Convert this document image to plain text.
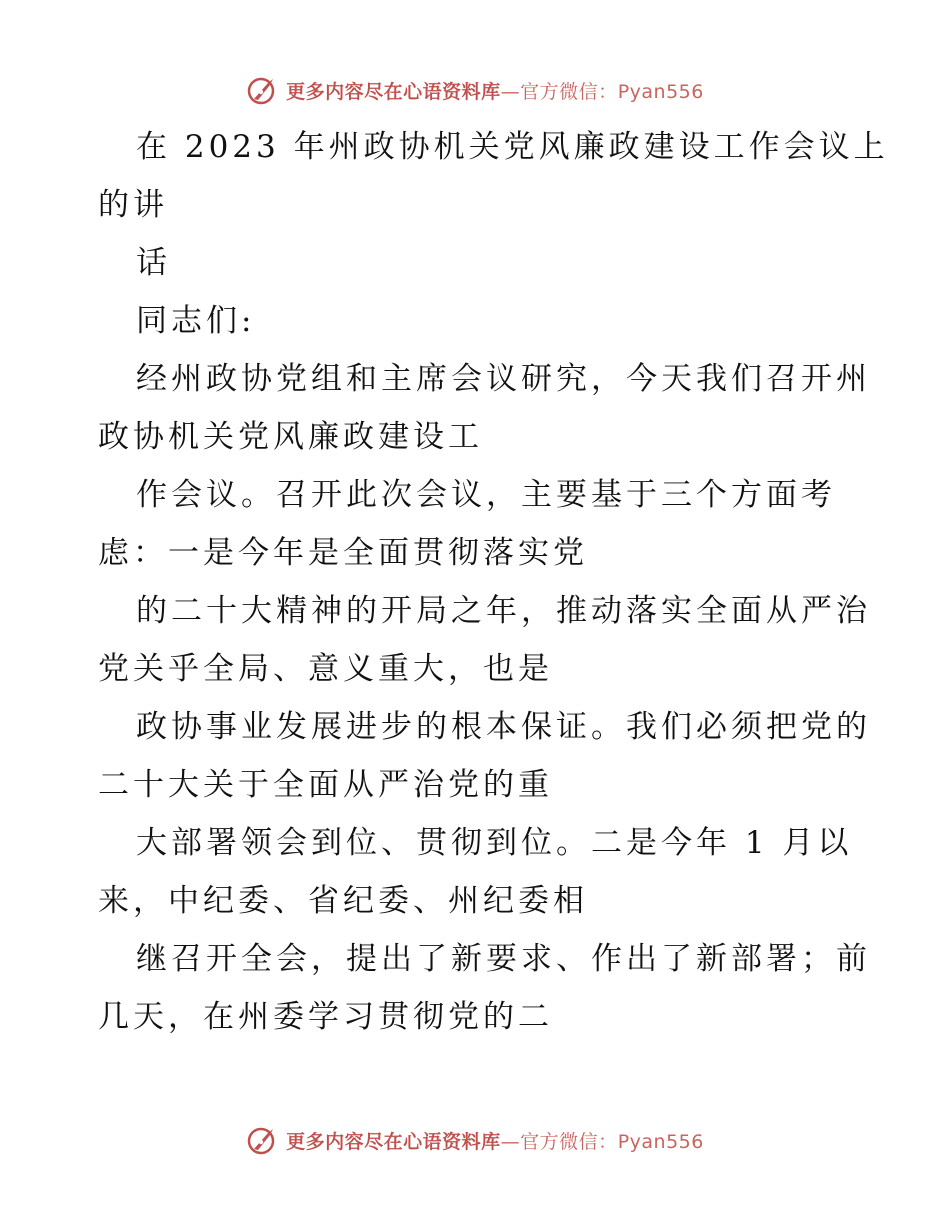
更多内容尽在心语资料库—官方微信：Pyan556
在 2023 年州政协机关党风廉政建设工作会议上
的讲
话
同志们:
经州政协党组和主席会议研究，今天我们召开州
政协机关党风廉政建设工
作会议。召开此次会议，主要基于三个方面考
虑：一是今年是全面贯彻落实党
的二十大精神的开局之年，推动落实全面从严治
党关乎全局、意义重大，也是
政协事业发展进步的根本保证。我们必须把党的
二十大关于全面从严治党的重
大部署领会到位、贯彻到位。二是今年 1 月以
来，中纪委、省纪委、州纪委相
继召开全会，提出了新要求、作出了新部署；前
几天，在州委学习贯彻党的二
更多内容尽在心语资料库—官方微信：Pyan556
